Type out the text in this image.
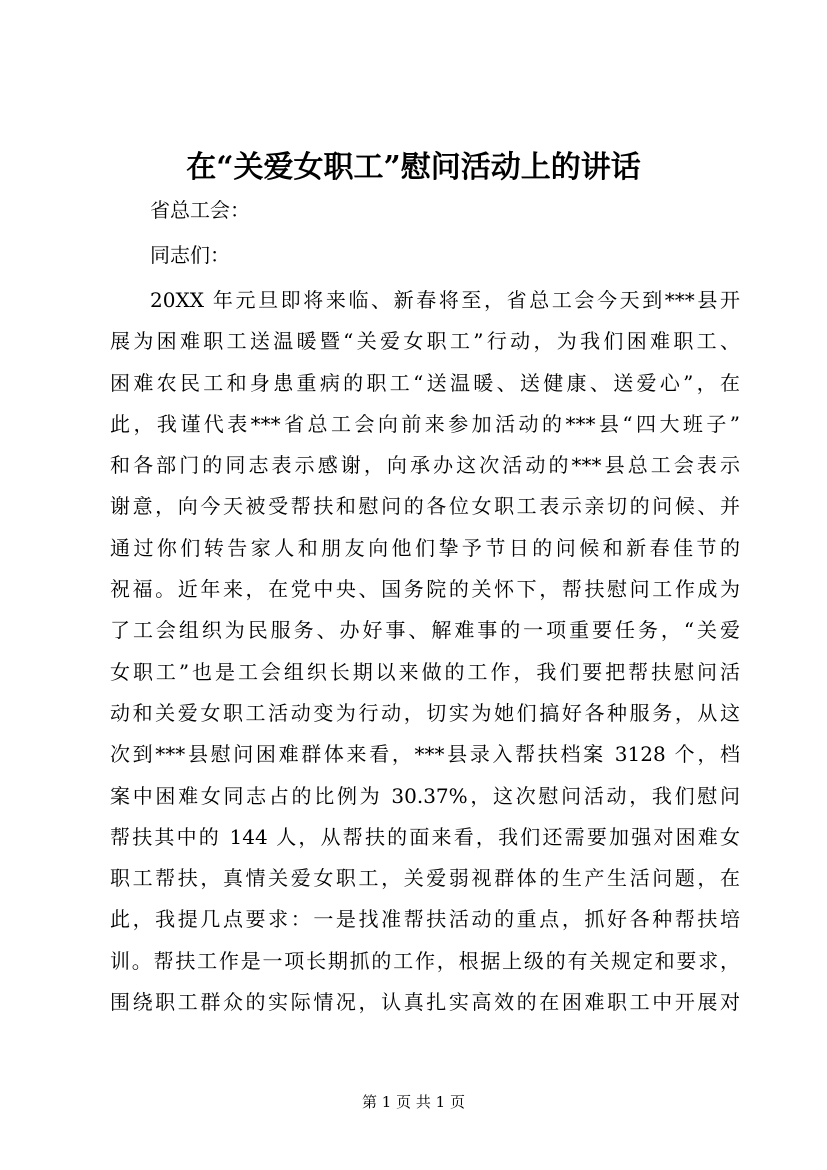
在“关爱女职工”慰问活动上的讲话
省总工会：
同志们：
20XX 年元旦即将来临、新春将至，省总工会今天到***县开
展为困难职工送温暖暨“关爱女职工”行动，为我们困难职工、
困难农民工和身患重病的职工“送温暖、送健康、送爱心”，在
此，我谨代表***省总工会向前来参加活动的***县“四大班子”
和各部门的同志表示感谢，向承办这次活动的***县总工会表示
谢意，向今天被受帮扶和慰问的各位女职工表示亲切的问候、并
通过你们转告家人和朋友向他们挚予节日的问候和新春佳节的
祝福。近年来，在党中央、国务院的关怀下，帮扶慰问工作成为
了工会组织为民服务、办好事、解难事的一项重要任务，“关爱
女职工”也是工会组织长期以来做的工作，我们要把帮扶慰问活
动和关爱女职工活动变为行动，切实为她们搞好各种服务，从这
次到***县慰问困难群体来看，***县录入帮扶档案 3128 个，档
案中困难女同志占的比例为 30.37%，这次慰问活动，我们慰问
帮扶其中的 144 人，从帮扶的面来看，我们还需要加强对困难女
职工帮扶，真情关爱女职工，关爱弱视群体的生产生活问题，在
此，我提几点要求：一是找准帮扶活动的重点，抓好各种帮扶培
训。帮扶工作是一项长期抓的工作，根据上级的有关规定和要求，
围绕职工群众的实际情况，认真扎实高效的在困难职工中开展对
第 1 页 共 1 页
